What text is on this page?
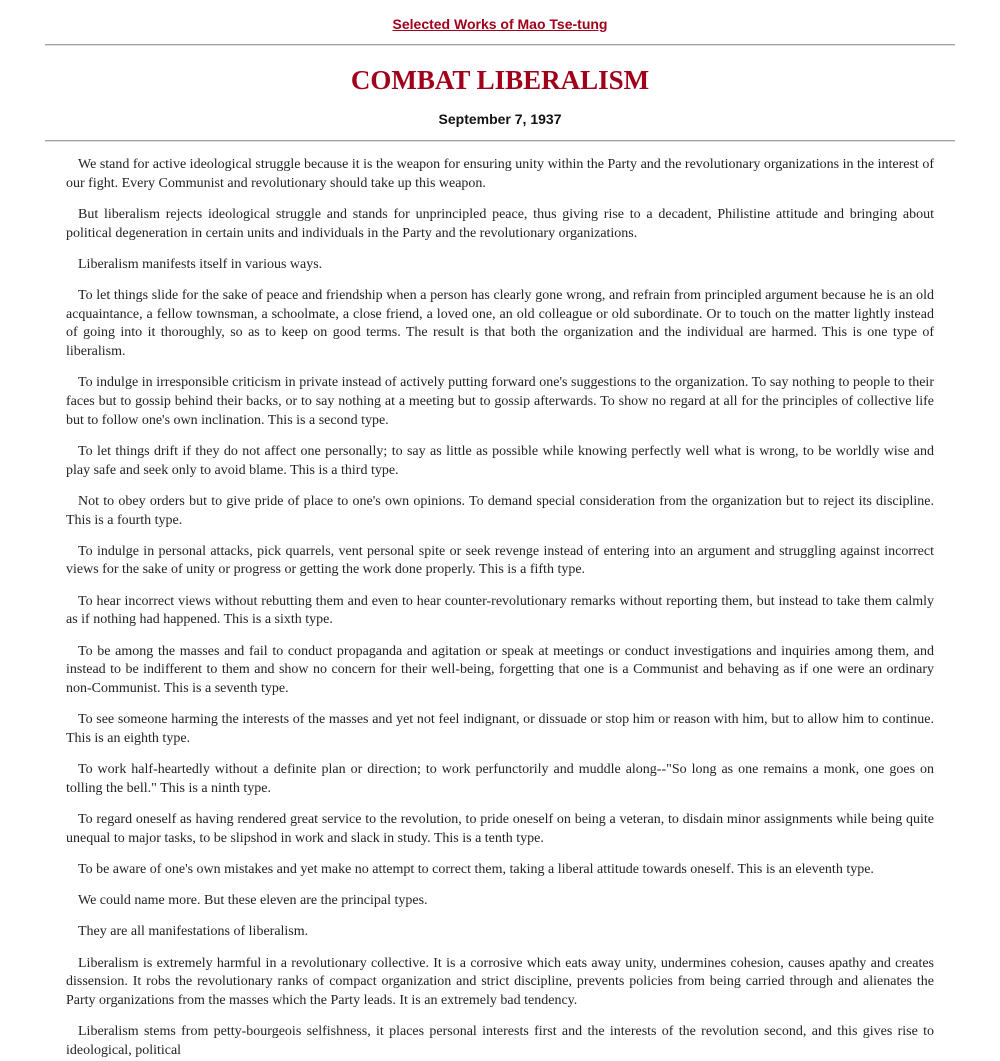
Selected Works of Mao Tse-tung
COMBAT LIBERALISM
September 7, 1937

We stand for active ideological struggle because it is the weapon for ensuring unity within the Party and the revolutionary organizations in the interest of our fight. Every Communist and revolutionary should take up this weapon.

But liberalism rejects ideological struggle and stands for unprincipled peace, thus giving rise to a decadent, Philistine attitude and bringing about political degeneration in certain units and individuals in the Party and the revolutionary organizations.

Liberalism manifests itself in various ways.

To let things slide for the sake of peace and friendship when a person has clearly gone wrong, and refrain from principled argument because he is an old acquaintance, a fellow townsman, a schoolmate, a close friend, a loved one, an old colleague or old subordinate. Or to touch on the matter lightly instead of going into it thoroughly, so as to keep on good terms. The result is that both the organization and the individual are harmed. This is one type of liberalism.

To indulge in irresponsible criticism in private instead of actively putting forward one's suggestions to the organization. To say nothing to people to their faces but to gossip behind their backs, or to say nothing at a meeting but to gossip afterwards. To show no regard at all for the principles of collective life but to follow one's own inclination. This is a second type.

To let things drift if they do not affect one personally; to say as little as possible while knowing perfectly well what is wrong, to be worldly wise and play safe and seek only to avoid blame. This is a third type.

Not to obey orders but to give pride of place to one's own opinions. To demand special consideration from the organization but to reject its discipline. This is a fourth type.

To indulge in personal attacks, pick quarrels, vent personal spite or seek revenge instead of entering into an argument and struggling against incorrect views for the sake of unity or progress or getting the work done properly. This is a fifth type.

To hear incorrect views without rebutting them and even to hear counter-revolutionary remarks without reporting them, but instead to take them calmly as if nothing had happened. This is a sixth type.

To be among the masses and fail to conduct propaganda and agitation or speak at meetings or conduct investigations and inquiries among them, and instead to be indifferent to them and show no concern for their well-being, forgetting that one is a Communist and behaving as if one were an ordinary non-Communist. This is a seventh type.

To see someone harming the interests of the masses and yet not feel indignant, or dissuade or stop him or reason with him, but to allow him to continue. This is an eighth type.

To work half-heartedly without a definite plan or direction; to work perfunctorily and muddle along--"So long as one remains a monk, one goes on tolling the bell." This is a ninth type.

To regard oneself as having rendered great service to the revolution, to pride oneself on being a veteran, to disdain minor assignments while being quite unequal to major tasks, to be slipshod in work and slack in study. This is a tenth type.

To be aware of one's own mistakes and yet make no attempt to correct them, taking a liberal attitude towards oneself. This is an eleventh type.

We could name more. But these eleven are the principal types.

They are all manifestations of liberalism.

Liberalism is extremely harmful in a revolutionary collective. It is a corrosive which eats away unity, undermines cohesion, causes apathy and creates dissension. It robs the revolutionary ranks of compact organization and strict discipline, prevents policies from being carried through and alienates the Party organizations from the masses which the Party leads. It is an extremely bad tendency.

Liberalism stems from petty-bourgeois selfishness, it places personal interests first and the interests of the revolution second, and this gives rise to ideological, political
